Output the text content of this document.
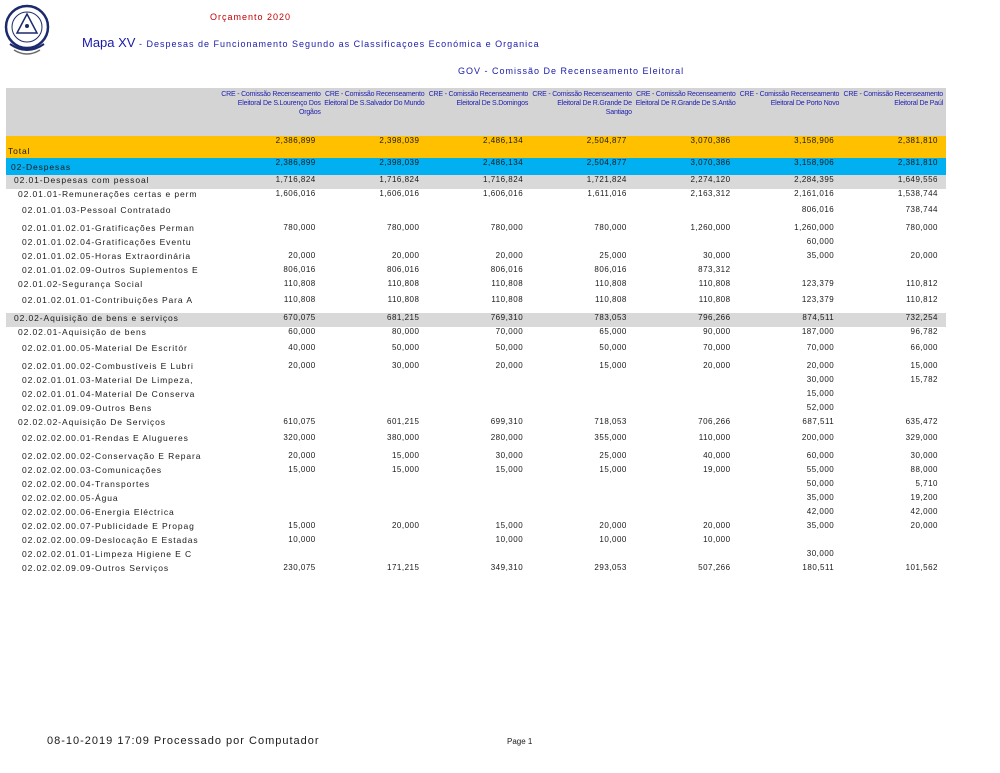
Orçamento 2020
Mapa XV - Despesas de Funcionamento Segundo as Classificaçoes Económica e Organica
GOV - Comissão De Recenseamento Eleitoral
	CRE - Comissão Recenseamento Eleitoral De S.Lourenço Dos Orgãos	CRE - Comissão Recenseamento Eleitoral De S.Salvador Do Mundo	CRE - Comissão Recenseamento Eleitoral De S.Domingos	CRE - Comissão Recenseamento Eleitoral De R.Grande De Santiago	CRE - Comissão Recenseamento Eleitoral De R.Grande De S.Antão	CRE - Comissão Recenseamento Eleitoral De Porto Novo	CRE - Comissão Recenseamento Eleitoral De Paúl
Total	2,386,899	2,398,039	2,486,134	2,504,877	3,070,386	3,158,906	2,381,810
02-Despesas	2,386,899	2,398,039	2,486,134	2,504,877	3,070,386	3,158,906	2,381,810
02.01-Despesas com pessoal	1,716,824	1,716,824	1,716,824	1,721,824	2,274,120	2,284,395	1,649,556
02.01.01-Remunerações certas e perm	1,606,016	1,606,016	1,606,016	1,611,016	2,163,312	2,161,016	1,538,744
02.01.01.03-Pessoal Contratado						806,016	738,744
02.01.01.02.01-Gratificações Perman	780,000	780,000	780,000	780,000	1,260,000	1,260,000	780,000
02.01.01.02.04-Gratificações Eventu						60,000	
02.01.01.02.05-Horas Extraordinária	20,000	20,000	20,000	25,000	30,000	35,000	20,000
02.01.01.02.09-Outros Suplementos E	806,016	806,016	806,016	806,016	873,312		
02.01.02-Segurança Social	110,808	110,808	110,808	110,808	110,808	123,379	110,812
02.01.02.01.01-Contribuições Para A	110,808	110,808	110,808	110,808	110,808	123,379	110,812
02.02-Aquisição de bens e serviços	670,075	681,215	769,310	783,053	796,266	874,511	732,254
02.02.01-Aquisição de bens	60,000	80,000	70,000	65,000	90,000	187,000	96,782
02.02.01.00.05-Material De Escritór	40,000	50,000	50,000	50,000	70,000	70,000	66,000
02.02.01.00.02-Combustíveis E Lubri	20,000	30,000	20,000	15,000	20,000	20,000	15,000
02.02.01.01.03-Material De Limpeza,						30,000	15,782
02.02.01.01.04-Material De Conserva						15,000	
02.02.01.09.09-Outros Bens						52,000	
02.02.02-Aquisição De Serviços	610,075	601,215	699,310	718,053	706,266	687,511	635,472
02.02.02.00.01-Rendas E Alugueres	320,000	380,000	280,000	355,000	110,000	200,000	329,000
02.02.02.00.02-Conservação E Repara	20,000	15,000	30,000	25,000	40,000	60,000	30,000
02.02.02.00.03-Comunicações	15,000	15,000	15,000	15,000	19,000	55,000	88,000
02.02.02.00.04-Transportes						50,000	5,710
02.02.02.00.05-Água						35,000	19,200
02.02.02.00.06-Energia Eléctrica						42,000	42,000
02.02.02.00.07-Publicidade E Propag	15,000	20,000	15,000	20,000	20,000	35,000	20,000
02.02.02.00.09-Deslocação E Estadas	10,000		10,000	10,000	10,000		
02.02.02.01.01-Limpeza Higiene E C						30,000	
02.02.02.09.09-Outros Serviços	230,075	171,215	349,310	293,053	507,266	180,511	101,562
08-10-2019 17:09 Processado por Computador	Page 1
